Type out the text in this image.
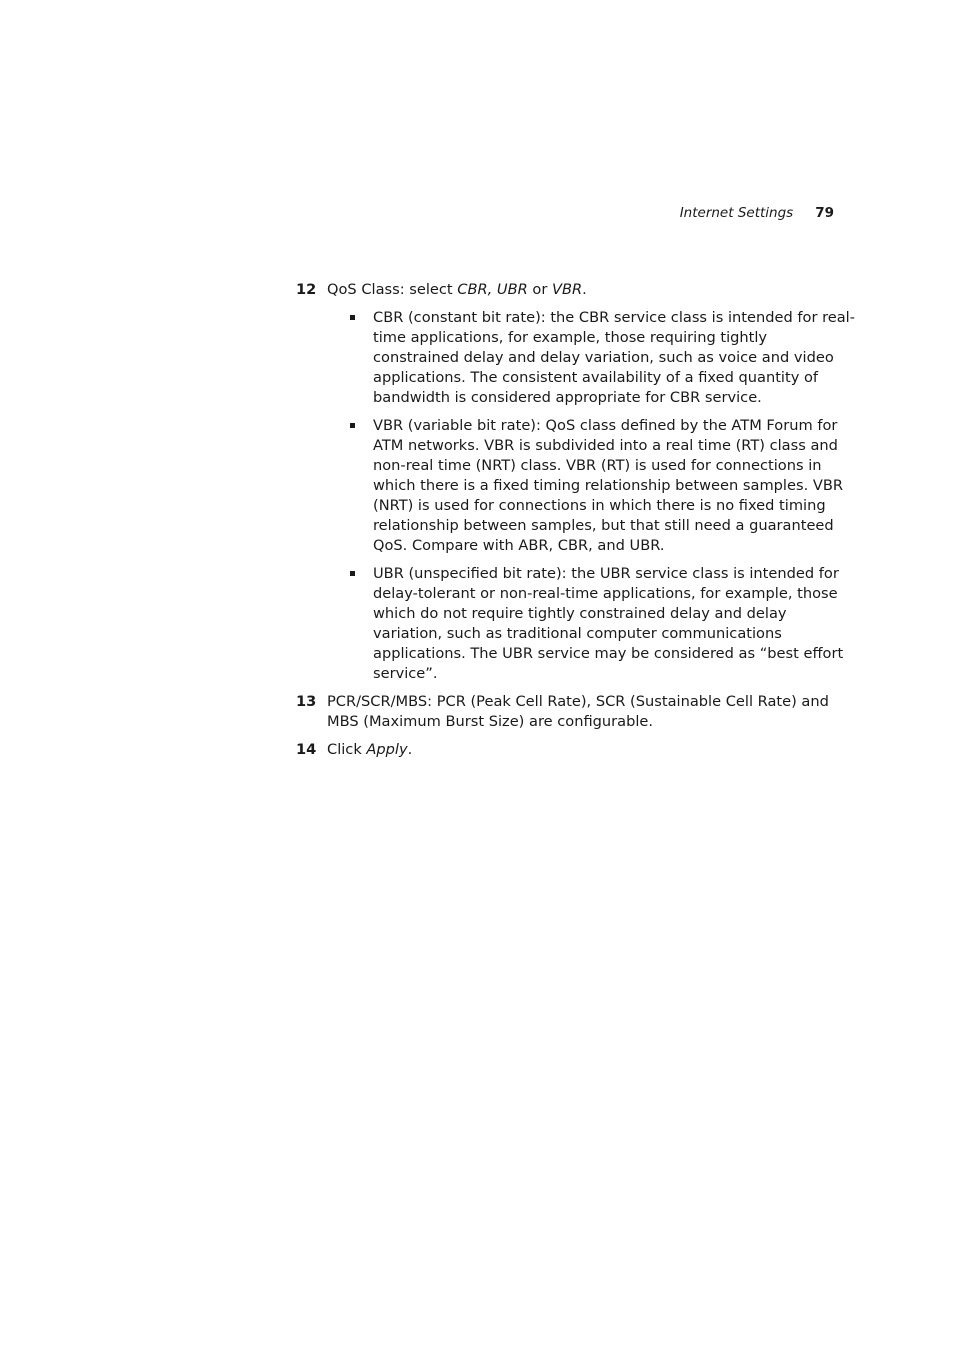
Internet Settings 79
12 QoS Class: select CBR, UBR or VBR.
CBR (constant bit rate): the CBR service class is intended for real-time applications, for example, those requiring tightly constrained delay and delay variation, such as voice and video applications. The consistent availability of a fixed quantity of bandwidth is considered appropriate for CBR service.
VBR (variable bit rate): QoS class defined by the ATM Forum for ATM networks. VBR is subdivided into a real time (RT) class and non-real time (NRT) class. VBR (RT) is used for connections in which there is a fixed timing relationship between samples. VBR (NRT) is used for connections in which there is no fixed timing relationship between samples, but that still need a guaranteed QoS. Compare with ABR, CBR, and UBR.
UBR (unspecified bit rate): the UBR service class is intended for delay-tolerant or non-real-time applications, for example, those which do not require tightly constrained delay and delay variation, such as traditional computer communications applications. The UBR service may be considered as “best effort service”.
13 PCR/SCR/MBS: PCR (Peak Cell Rate), SCR (Sustainable Cell Rate) and MBS (Maximum Burst Size) are configurable.
14 Click Apply.
